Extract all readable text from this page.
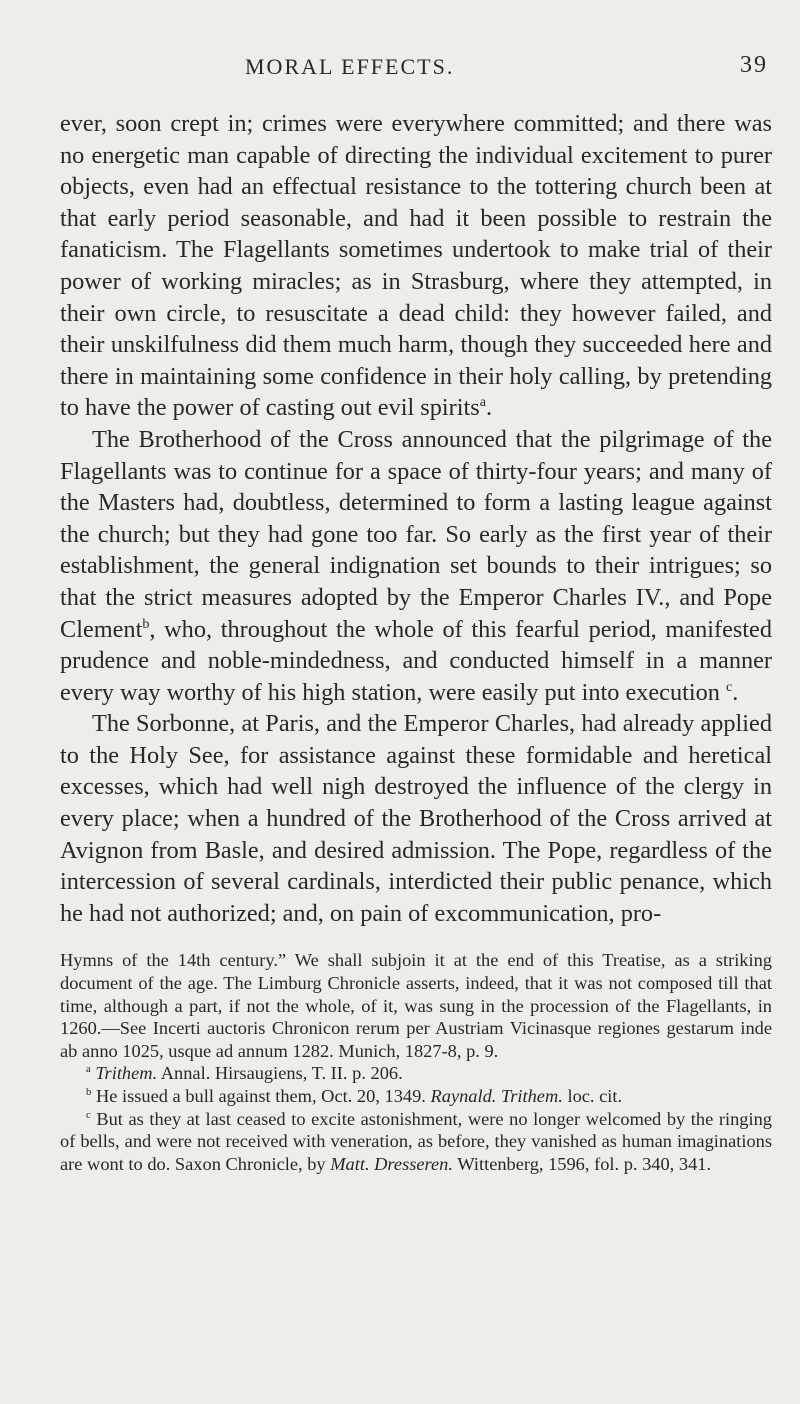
MORAL EFFECTS.	39

ever, soon crept in; crimes were everywhere committed; and there was no energetic man capable of directing the individual excitement to purer objects, even had an effectual resistance to the tottering church been at that early period seasonable, and had it been possible to restrain the fanaticism. The Flagellants sometimes undertook to make trial of their power of working miracles; as in Strasburg, where they attempted, in their own circle, to resuscitate a dead child: they however failed, and their unskilfulness did them much harm, though they succeeded here and there in maintaining some confidence in their holy calling, by pretending to have the power of casting out evil spirits$^a$.

The Brotherhood of the Cross announced that the pilgrimage of the Flagellants was to continue for a space of thirty-four years; and many of the Masters had, doubtless, determined to form a lasting league against the church; but they had gone too far. So early as the first year of their establishment, the general indignation set bounds to their intrigues; so that the strict measures adopted by the Emperor Charles IV., and Pope Clement$^b$, who, throughout the whole of this fearful period, manifested prudence and noble-mindedness, and conducted himself in a manner every way worthy of his high station, were easily put into execution $^c$.

The Sorbonne, at Paris, and the Emperor Charles, had already applied to the Holy See, for assistance against these formidable and heretical excesses, which had well nigh destroyed the influence of the clergy in every place; when a hundred of the Brotherhood of the Cross arrived at Avignon from Basle, and desired admission. The Pope, regardless of the intercession of several cardinals, interdicted their public penance, which he had not authorized; and, on pain of excommunication, pro-

Hymns of the 14th century.” We shall subjoin it at the end of this Treatise, as a striking document of the age. The Limburg Chronicle asserts, indeed, that it was not composed till that time, although a part, if not the whole, of it, was sung in the procession of the Flagellants, in 1260.—See Incerti auctoris Chronicon rerum per Austriam Vicinasque regiones gestarum inde ab anno 1025, usque ad annum 1282. Munich, 1827-8, p. 9.

$^a$ Trithem. Annal. Hirsaugiens, T. II. p. 206.

$^b$ He issued a bull against them, Oct. 20, 1349. Raynald. Trithem. loc. cit.

$^c$ But as they at last ceased to excite astonishment, were no longer welcomed by the ringing of bells, and were not received with veneration, as before, they vanished as human imaginations are wont to do. Saxon Chronicle, by Matt. Dresseren. Wittenberg, 1596, fol. p. 340, 341.
